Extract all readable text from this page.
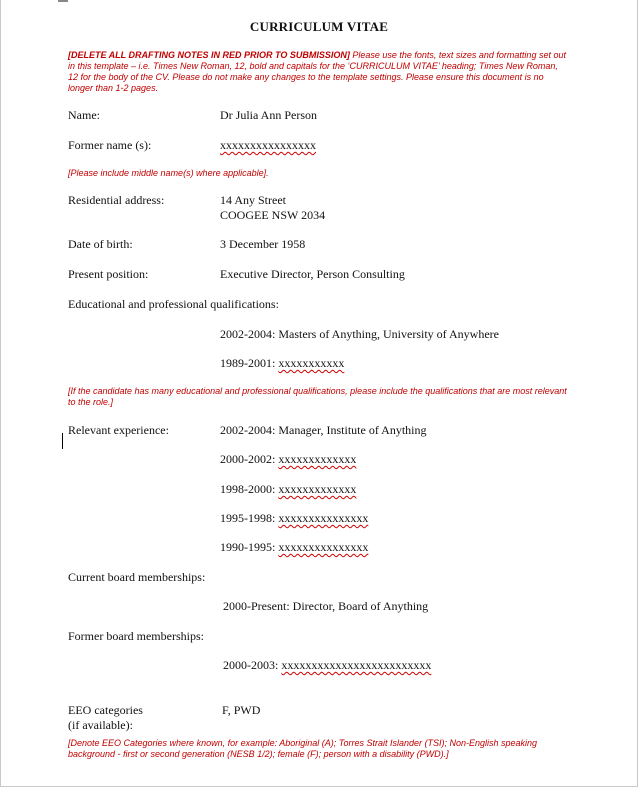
CURRICULUM VITAE
[DELETE ALL DRAFTING NOTES IN RED PRIOR TO SUBMISSION] Please use the fonts, text sizes and formatting set out in this template – i.e. Times New Roman, 12, bold and capitals for the ‘CURRICULUM VITAE’ heading; Times New Roman, 12 for the body of the CV. Please do not make any changes to the template settings. Please ensure this document is no longer than 1-2 pages.
Name:	Dr Julia Ann Person
Former name (s):	xxxxxxxxxxxxxxxx
[Please include middle name(s) where applicable].
Residential address:	14 Any Street
COOGEE NSW 2034
Date of birth:	3 December 1958
Present position:	Executive Director, Person Consulting
Educational and professional qualifications:
2002-2004: Masters of Anything, University of Anywhere
1989-2001: xxxxxxxxxxx
[If the candidate has many educational and professional qualifications, please include the qualifications that are most relevant to the role.]
Relevant experience:	2002-2004: Manager, Institute of Anything
2000-2002: xxxxxxxxxxxxx
1998-2000: xxxxxxxxxxxxx
1995-1998: xxxxxxxxxxxxxxx
1990-1995: xxxxxxxxxxxxxxx
Current board memberships:
2000-Present: Director, Board of Anything
Former board memberships:
2000-2003: xxxxxxxxxxxxxxxxxxxxxxxxx
EEO categories
(if available):
F, PWD
[Denote EEO Categories where known, for example: Aboriginal (A); Torres Strait Islander (TSI); Non-English speaking background - first or second generation (NESB 1/2); female (F); person with a disability (PWD).]
